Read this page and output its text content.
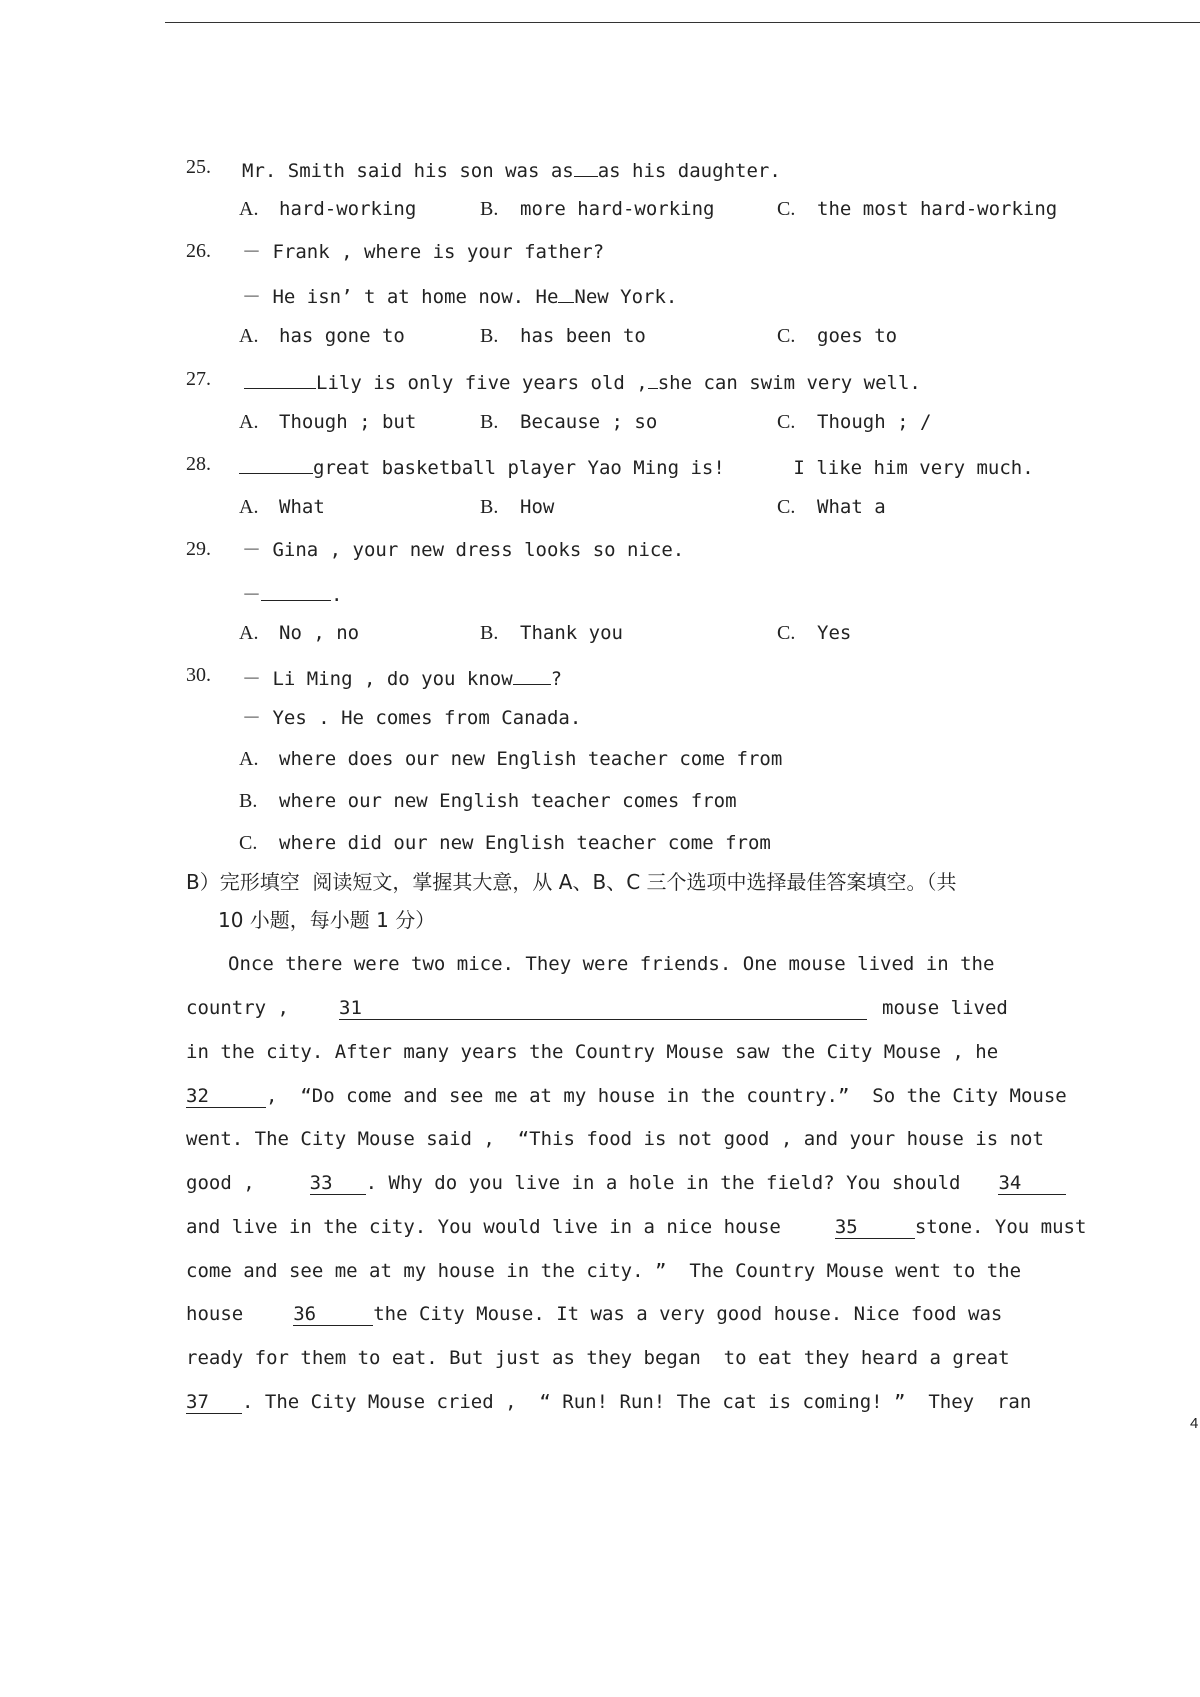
25. Mr. Smith said his son was as as his daughter.
A. hard-working	B. more hard-working	C. the most hard-working
26. － Frank , where is your father?
－ He isn’ t at home now. He New York.
A. has gone to	B. has been to	C. goes to
27.	Lily is only five years old , she can swim very well.
A. Though ; but	B. Because ; so	C. Though ; /
28.	great basketball player Yao Ming is!      I like him very much.
A. What	B. How	C. What a
29. － Gina , your new dress looks so nice.
－	.
A. No , no	B. Thank you	C. Yes
30. － Li Ming , do you know ?
－ Yes . He comes from Canada.
A. where does our new English teacher come from
B. where our new English teacher comes from
C. where did our new English teacher come from
B）完形填空  阅读短文，掌握其大意，从 A、B、C 三个选项中选择最佳答案填空。（共
10 小题，每小题 1 分）
Once there were two mice. They were friends. One mouse lived in the
country ,	31	mouse lived
in the city. After many years the Country Mouse saw the City Mouse , he
32	,  “Do come and see me at my house in the country.”  So the City Mouse
went. The City Mouse said ,  “This food is not good , and your house is not
good ,	33 . Why do you live in a hole in the field? You should 34
and live in the city. You would live in a nice house	35	stone. You must
come and see me at my house in the city. ”  The Country Mouse went to the
house	36	the City Mouse. It was a very good house. Nice food was
ready for them to eat. But just as they began  to eat they heard a great
37 . The City Mouse cried ,  “ Run! Run! The cat is coming! ”  They  ran
4
